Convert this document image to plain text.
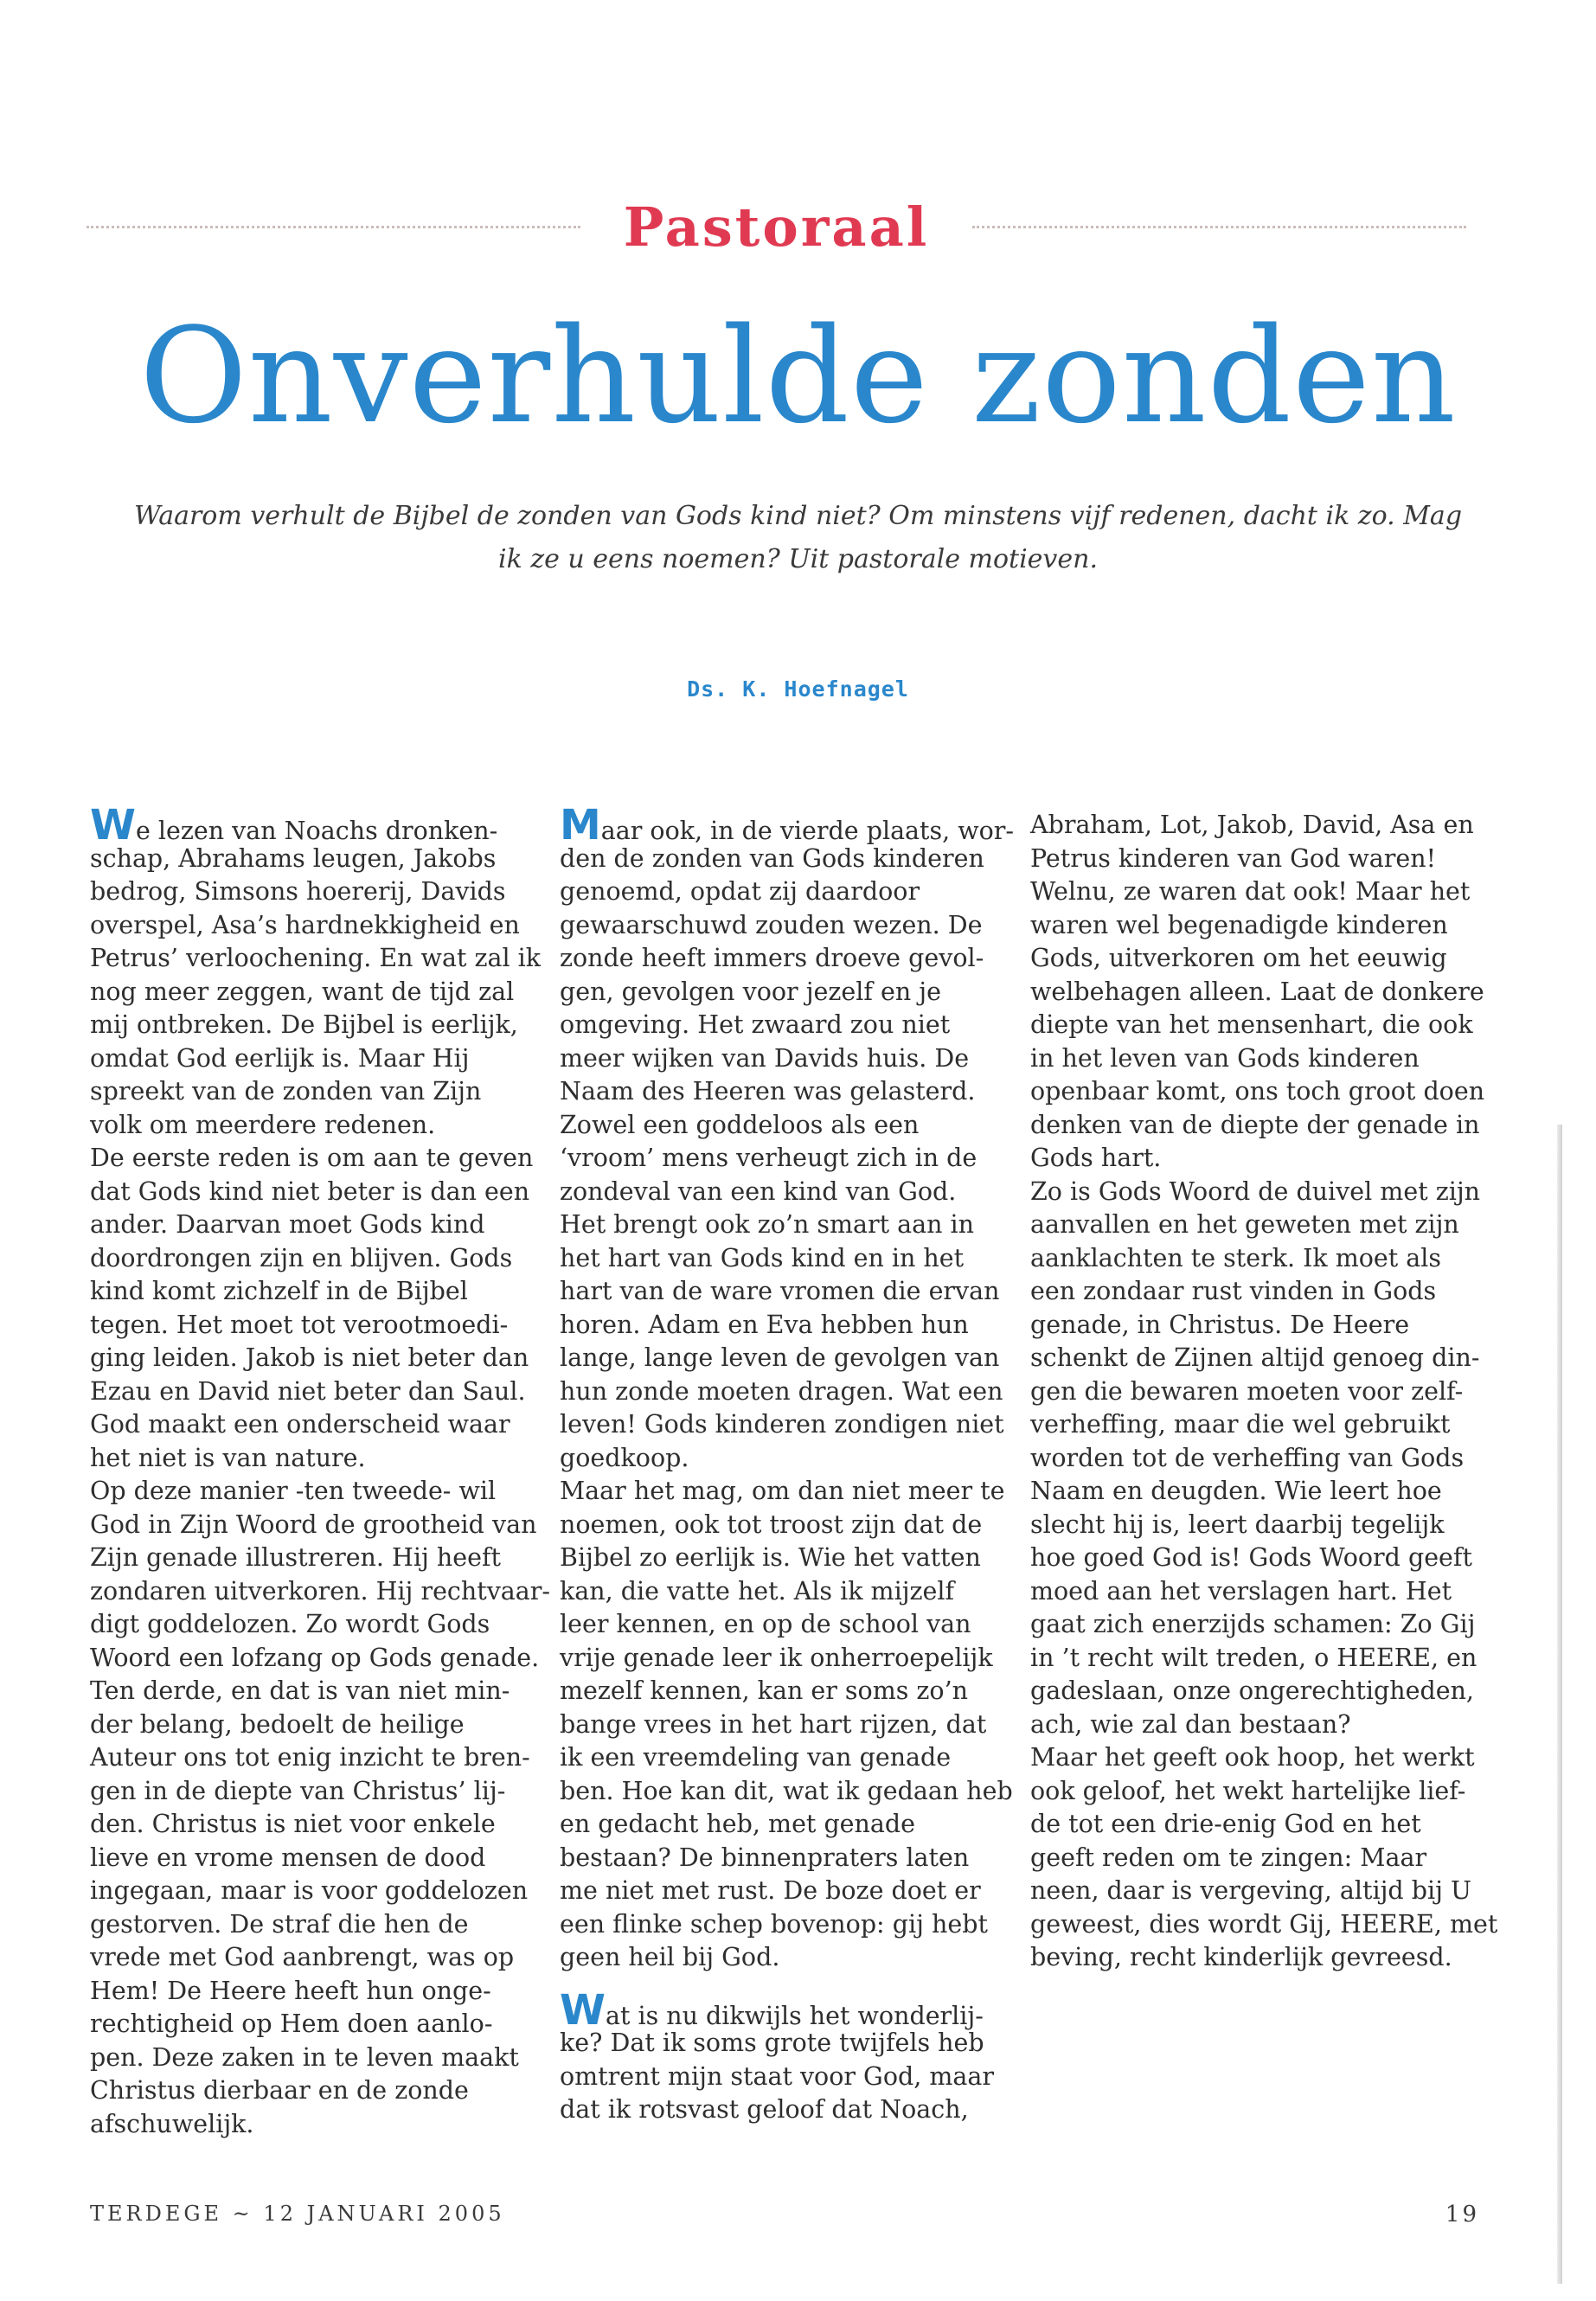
Pastoraal
Onverhulde zonden
Waarom verhult de Bijbel de zonden van Gods kind niet? Om minstens vijf redenen, dacht ik zo. Mag ik ze u eens noemen? Uit pastorale motieven.
Ds. K. Hoefnagel
We lezen van Noachs dronken-
schap, Abrahams leugen, Jakobs
bedrog, Simsons hoererij, Davids
overspel, Asa’s hardnekkigheid en
Petrus’ verloochening. En wat zal ik
nog meer zeggen, want de tijd zal
mij ontbreken. De Bijbel is eerlijk,
omdat God eerlijk is. Maar Hij
spreekt van de zonden van Zijn
volk om meerdere redenen.
De eerste reden is om aan te geven
dat Gods kind niet beter is dan een
ander. Daarvan moet Gods kind
doordrongen zijn en blijven. Gods
kind komt zichzelf in de Bijbel
tegen. Het moet tot verootmoedi-
ging leiden. Jakob is niet beter dan
Ezau en David niet beter dan Saul.
God maakt een onderscheid waar
het niet is van nature.
Op deze manier -ten tweede- wil
God in Zijn Woord de grootheid van
Zijn genade illustreren. Hij heeft
zondaren uitverkoren. Hij rechtvaar-
digt goddelozen. Zo wordt Gods
Woord een lofzang op Gods genade.
Ten derde, en dat is van niet min-
der belang, bedoelt de heilige
Auteur ons tot enig inzicht te bren-
gen in de diepte van Christus’ lij-
den. Christus is niet voor enkele
lieve en vrome mensen de dood
ingegaan, maar is voor goddelozen
gestorven. De straf die hen de
vrede met God aanbrengt, was op
Hem! De Heere heeft hun onge-
rechtigheid op Hem doen aanlo-
pen. Deze zaken in te leven maakt
Christus dierbaar en de zonde
afschuwelijk.
Maar ook, in de vierde plaats, wor-
den de zonden van Gods kinderen
genoemd, opdat zij daardoor
gewaarschuwd zouden wezen. De
zonde heeft immers droeve gevol-
gen, gevolgen voor jezelf en je
omgeving. Het zwaard zou niet
meer wijken van Davids huis. De
Naam des Heeren was gelasterd.
Zowel een goddeloos als een
‘vroom’ mens verheugt zich in de
zondeval van een kind van God.
Het brengt ook zo’n smart aan in
het hart van Gods kind en in het
hart van de ware vromen die ervan
horen. Adam en Eva hebben hun
lange, lange leven de gevolgen van
hun zonde moeten dragen. Wat een
leven! Gods kinderen zondigen niet
goedkoop.
Maar het mag, om dan niet meer te
noemen, ook tot troost zijn dat de
Bijbel zo eerlijk is. Wie het vatten
kan, die vatte het. Als ik mijzelf
leer kennen, en op de school van
vrije genade leer ik onherroepelijk
mezelf kennen, kan er soms zo’n
bange vrees in het hart rijzen, dat
ik een vreemdeling van genade
ben. Hoe kan dit, wat ik gedaan heb
en gedacht heb, met genade
bestaan? De binnenpraters laten
me niet met rust. De boze doet er
een flinke schep bovenop: gij hebt
geen heil bij God.
Wat is nu dikwijls het wonderlij-
ke? Dat ik soms grote twijfels heb
omtrent mijn staat voor God, maar
dat ik rotsvast geloof dat Noach,
Abraham, Lot, Jakob, David, Asa en
Petrus kinderen van God waren!
Welnu, ze waren dat ook! Maar het
waren wel begenadigde kinderen
Gods, uitverkoren om het eeuwig
welbehagen alleen. Laat de donkere
diepte van het mensenhart, die ook
in het leven van Gods kinderen
openbaar komt, ons toch groot doen
denken van de diepte der genade in
Gods hart.
Zo is Gods Woord de duivel met zijn
aanvallen en het geweten met zijn
aanklachten te sterk. Ik moet als
een zondaar rust vinden in Gods
genade, in Christus. De Heere
schenkt de Zijnen altijd genoeg din-
gen die bewaren moeten voor zelf-
verheffing, maar die wel gebruikt
worden tot de verheffing van Gods
Naam en deugden. Wie leert hoe
slecht hij is, leert daarbij tegelijk
hoe goed God is! Gods Woord geeft
moed aan het verslagen hart. Het
gaat zich enerzijds schamen: Zo Gij
in ’t recht wilt treden, o HEERE, en
gadeslaan, onze ongerechtigheden,
ach, wie zal dan bestaan?
Maar het geeft ook hoop, het werkt
ook geloof, het wekt hartelijke lief-
de tot een drie-enig God en het
geeft reden om te zingen: Maar
neen, daar is vergeving, altijd bij U
geweest, dies wordt Gij, HEERE, met
beving, recht kinderlijk gevreesd.
TERDEGE ~ 12 JANUARI 2005	19
